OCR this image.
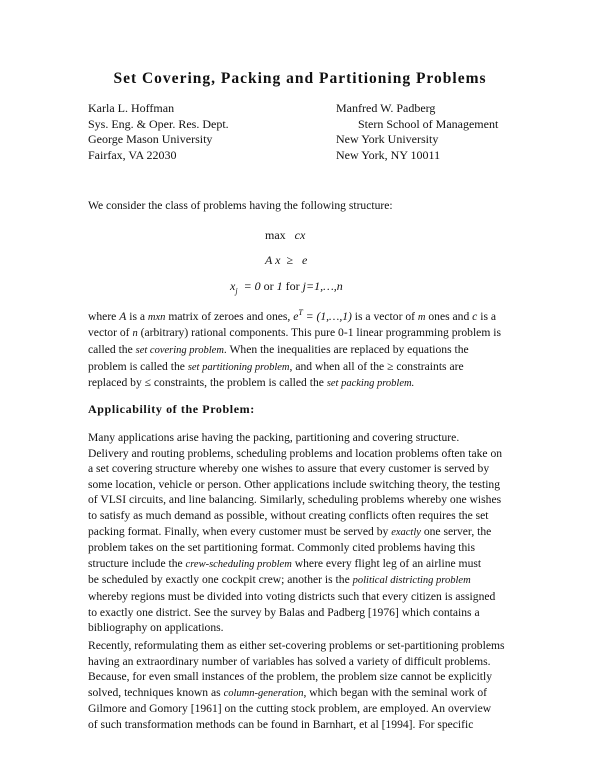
Set Covering, Packing and Partitioning Problems
Karla L. Hoffman
Sys. Eng. & Oper. Res. Dept.
George Mason University
Fairfax, VA 22030
Manfred W. Padberg
Stern School of Management
New York University
New York, NY 10011
We consider the class of problems having the following structure:
max cx
A x ≥ e
$x_j = 0$ or 1 for j=1,…,n
where A is a mxn matrix of zeroes and ones, $e^T$ = (1,…,1) is a vector of m ones and c is a
vector of n (arbitrary) rational components. This pure 0-1 linear programming problem is
called the set covering problem. When the inequalities are replaced by equations the
problem is called the set partitioning problem, and when all of the ≥ constraints are
replaced by ≤ constraints, the problem is called the set packing problem.
Applicability of the Problem:
Many applications arise having the packing, partitioning and covering structure.
Delivery and routing problems, scheduling problems and location problems often take on
a set covering structure whereby one wishes to assure that every customer is served by
some location, vehicle or person. Other applications include switching theory, the testing
of VLSI circuits, and line balancing. Similarly, scheduling problems whereby one wishes
to satisfy as much demand as possible, without creating conflicts often requires the set
packing format. Finally, when every customer must be served by exactly one server, the
problem takes on the set partitioning format. Commonly cited problems having this
structure include the crew-scheduling problem where every flight leg of an airline must
be scheduled by exactly one cockpit crew; another is the political districting problem
whereby regions must be divided into voting districts such that every citizen is assigned
to exactly one district. See the survey by Balas and Padberg [1976] which contains a
bibliography on applications.
Recently, reformulating them as either set-covering problems or set-partitioning problems
having an extraordinary number of variables has solved a variety of difficult problems.
Because, for even small instances of the problem, the problem size cannot be explicitly
solved, techniques known as column-generation, which began with the seminal work of
Gilmore and Gomory [1961] on the cutting stock problem, are employed. An overview
of such transformation methods can be found in Barnhart, et al [1994]. For specific
